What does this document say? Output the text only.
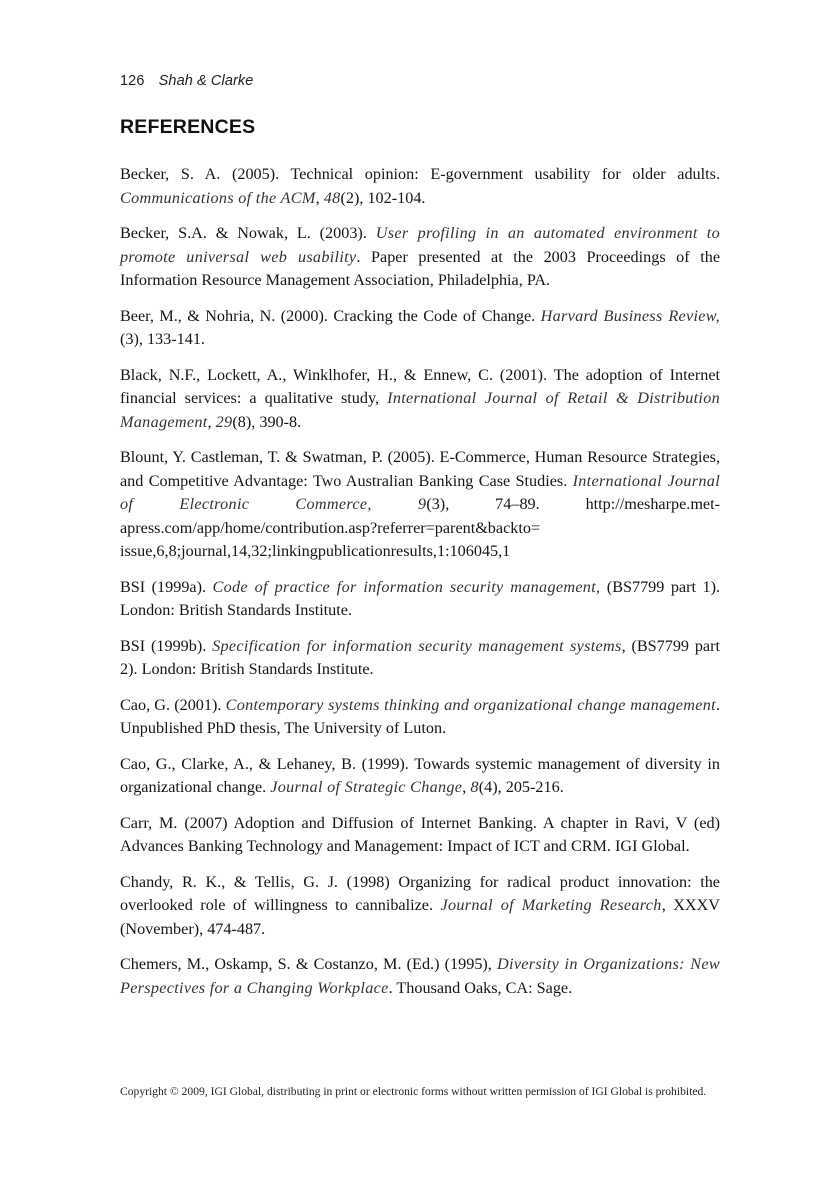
126 Shah & Clarke
REFERENCES

Becker, S. A. (2005). Technical opinion: E-government usability for older adults. Communications of the ACM, 48(2), 102-104.

Becker, S.A. & Nowak, L. (2003). User profiling in an automated environment to promote universal web usability. Paper presented at the 2003 Proceedings of the Information Resource Management Association, Philadelphia, PA.

Beer, M., & Nohria, N. (2000). Cracking the Code of Change. Harvard Business Review, (3), 133-141.

Black, N.F., Lockett, A., Winklhofer, H., & Ennew, C. (2001). The adoption of Internet financial services: a qualitative study, International Journal of Retail & Distribution Management, 29(8), 390-8.

Blount, Y. Castleman, T. & Swatman, P. (2005). E-Commerce, Human Resource Strategies, and Competitive Advantage: Two Australian Banking Case Studies. International Journal of Electronic Commerce, 9(3), 74–89. http://mesharpe.met-apress.com/app/home/contribution.asp?referrer=parent&backto= issue,6,8;journal,14,32;linkingpublicationresults,1:106045,1

BSI (1999a). Code of practice for information security management, (BS7799 part 1). London: British Standards Institute.

BSI (1999b). Specification for information security management systems, (BS7799 part 2). London: British Standards Institute.

Cao, G. (2001). Contemporary systems thinking and organizational change management. Unpublished PhD thesis, The University of Luton.

Cao, G., Clarke, A., & Lehaney, B. (1999). Towards systemic management of diversity in organizational change. Journal of Strategic Change, 8(4), 205-216.

Carr, M. (2007) Adoption and Diffusion of Internet Banking. A chapter in Ravi, V (ed) Advances Banking Technology and Management: Impact of ICT and CRM. IGI Global.

Chandy, R. K., & Tellis, G. J. (1998) Organizing for radical product innovation: the overlooked role of willingness to cannibalize. Journal of Marketing Research, XXXV (November), 474-487.

Chemers, M., Oskamp, S. & Costanzo, M. (Ed.) (1995), Diversity in Organizations: New Perspectives for a Changing Workplace. Thousand Oaks, CA: Sage.

Copyright © 2009, IGI Global, distributing in print or electronic forms without written permission of IGI Global is prohibited.
